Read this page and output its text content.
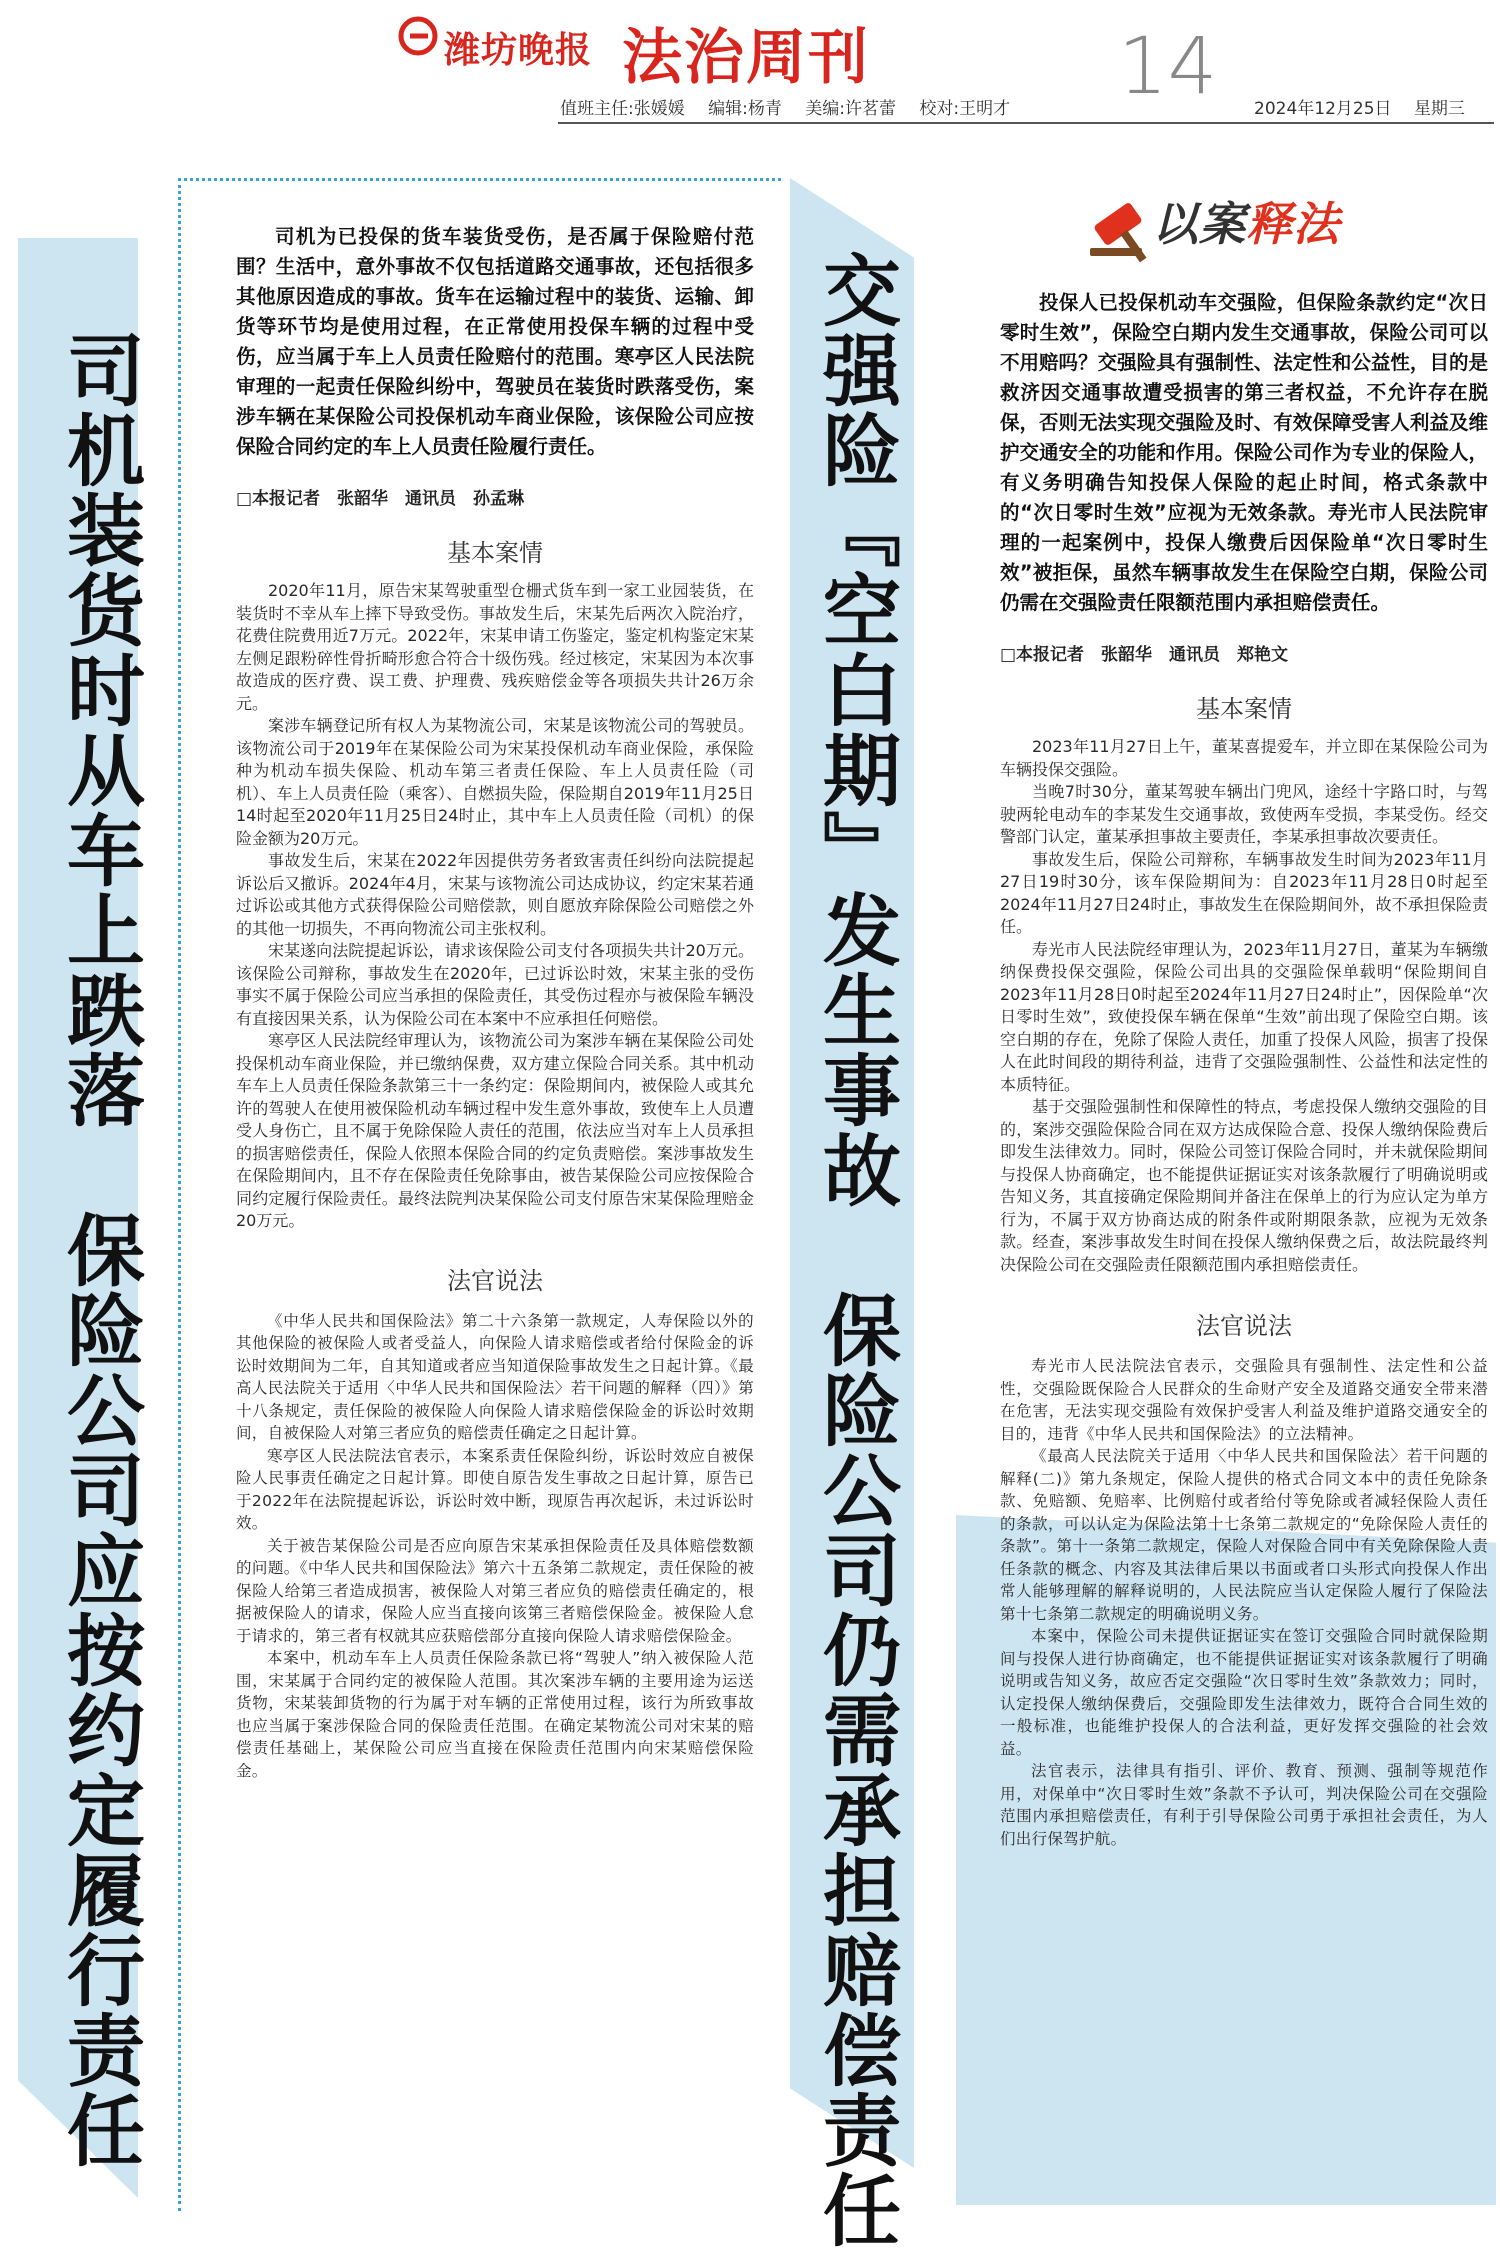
潍坊晚报 法治周刊
值班主任:张媛媛 编辑:杨青 美编:许茗蕾 校对:王明才 14 2024年12月25日　 星期三
司机装货时从车上跌落　保险公司应按约定履行责任

司机为已投保的货车装货受伤，是否属于保险赔付范围？生活中，意外事故不仅包括道路交通事故，还包括很多其他原因造成的事故。货车在运输过程中的装货、运输、卸货等环节均是使用过程，在正常使用投保车辆的过程中受伤，应当属于车上人员责任险赔付的范围。寒亭区人民法院审理的一起责任保险纠纷中，驾驶员在装货时跌落受伤，案涉车辆在某保险公司投保机动车商业保险，该保险公司应按保险合同约定的车上人员责任险履行责任。

□本报记者　张韶华　通讯员　孙孟琳
基本案情

2020年11月，原告宋某驾驶重型仓栅式货车到一家工业园装货，在装货时不幸从车上摔下导致受伤。事故发生后，宋某先后两次入院治疗，花费住院费用近7万元。2022年，宋某申请工伤鉴定，鉴定机构鉴定宋某左侧足跟粉碎性骨折畸形愈合符合十级伤残。经过核定，宋某因为本次事故造成的医疗费、误工费、护理费、残疾赔偿金等各项损失共计26万余元。

案涉车辆登记所有权人为某物流公司，宋某是该物流公司的驾驶员。该物流公司于2019年在某保险公司为宋某投保机动车商业保险，承保险种为机动车损失保险、机动车第三者责任保险、车上人员责任险（司机）、车上人员责任险（乘客）、自燃损失险，保险期自2019年11月25日14时起至2020年11月25日24时止，其中车上人员责任险（司机）的保险金额为20万元。

事故发生后，宋某在2022年因提供劳务者致害责任纠纷向法院提起诉讼后又撤诉。2024年4月，宋某与该物流公司达成协议，约定宋某若通过诉讼或其他方式获得保险公司赔偿款，则自愿放弃除保险公司赔偿之外的其他一切损失，不再向物流公司主张权利。

宋某遂向法院提起诉讼，请求该保险公司支付各项损失共计20万元。该保险公司辩称，事故发生在2020年，已过诉讼时效，宋某主张的受伤事实不属于保险公司应当承担的保险责任，其受伤过程亦与被保险车辆没有直接因果关系，认为保险公司在本案中不应承担任何赔偿。

寒亭区人民法院经审理认为，该物流公司为案涉车辆在某保险公司处投保机动车商业保险，并已缴纳保费，双方建立保险合同关系。其中机动车车上人员责任保险条款第三十一条约定：保险期间内，被保险人或其允许的驾驶人在使用被保险机动车辆过程中发生意外事故，致使车上人员遭受人身伤亡，且不属于免除保险人责任的范围，依法应当对车上人员承担的损害赔偿责任，保险人依照本保险合同的约定负责赔偿。案涉事故发生在保险期间内，且不存在保险责任免除事由，被告某保险公司应按保险合同约定履行保险责任。最终法院判决某保险公司支付原告宋某保险理赔金20万元。

法官说法

《中华人民共和国保险法》第二十六条第一款规定，人寿保险以外的其他保险的被保险人或者受益人，向保险人请求赔偿或者给付保险金的诉讼时效期间为二年，自其知道或者应当知道保险事故发生之日起计算。《最高人民法院关于适用〈中华人民共和国保险法〉若干问题的解释（四）》第十八条规定，责任保险的被保险人向保险人请求赔偿保险金的诉讼时效期间，自被保险人对第三者应负的赔偿责任确定之日起计算。

寒亭区人民法院法官表示，本案系责任保险纠纷，诉讼时效应自被保险人民事责任确定之日起计算。即使自原告发生事故之日起计算，原告已于2022年在法院提起诉讼，诉讼时效中断，现原告再次起诉，未过诉讼时效。

关于被告某保险公司是否应向原告宋某承担保险责任及具体赔偿数额的问题。《中华人民共和国保险法》第六十五条第二款规定，责任保险的被保险人给第三者造成损害，被保险人对第三者应负的赔偿责任确定的，根据被保险人的请求，保险人应当直接向该第三者赔偿保险金。被保险人怠于请求的，第三者有权就其应获赔偿部分直接向保险人请求赔偿保险金。

本案中，机动车车上人员责任保险条款已将“驾驶人”纳入被保险人范围，宋某属于合同约定的被保险人范围。其次案涉车辆的主要用途为运送货物，宋某装卸货物的行为属于对车辆的正常使用过程，该行为所致事故也应当属于案涉保险合同的保险责任范围。在确定某物流公司对宋某的赔偿责任基础上，某保险公司应当直接在保险责任范围内向宋某赔偿保险金。	交强险『空白期』发生事故　保险公司仍需承担赔偿责任
以案释法

投保人已投保机动车交强险，但保险条款约定“次日零时生效”，保险空白期内发生交通事故，保险公司可以不用赔吗？交强险具有强制性、法定性和公益性，目的是救济因交通事故遭受损害的第三者权益，不允许存在脱保，否则无法实现交强险及时、有效保障受害人利益及维护交通安全的功能和作用。保险公司作为专业的保险人，有义务明确告知投保人保险的起止时间，格式条款中的“次日零时生效”应视为无效条款。寿光市人民法院审理的一起案例中，投保人缴费后因保险单“次日零时生效”被拒保，虽然车辆事故发生在保险空白期，保险公司仍需在交强险责任限额范围内承担赔偿责任。

□本报记者　张韶华　通讯员　郑艳文
基本案情

2023年11月27日上午，董某喜提爱车，并立即在某保险公司为车辆投保交强险。

当晚7时30分，董某驾驶车辆出门兜风，途经十字路口时，与驾驶两轮电动车的李某发生交通事故，致使两车受损，李某受伤。经交警部门认定，董某承担事故主要责任，李某承担事故次要责任。

事故发生后，保险公司辩称，车辆事故发生时间为2023年11月27日19时30分，该车保险期间为：自2023年11月28日0时起至2024年11月27日24时止，事故发生在保险期间外，故不承担保险责任。

寿光市人民法院经审理认为，2023年11月27日，董某为车辆缴纳保费投保交强险，保险公司出具的交强险保单载明“保险期间自2023年11月28日0时起至2024年11月27日24时止”，因保险单“次日零时生效”，致使投保车辆在保单“生效”前出现了保险空白期。该空白期的存在，免除了保险人责任，加重了投保人风险，损害了投保人在此时间段的期待利益，违背了交强险强制性、公益性和法定性的本质特征。

基于交强险强制性和保障性的特点，考虑投保人缴纳交强险的目的，案涉交强险保险合同在双方达成保险合意、投保人缴纳保险费后即发生法律效力。同时，保险公司签订保险合同时，并未就保险期间与投保人协商确定，也不能提供证据证实对该条款履行了明确说明或告知义务，其直接确定保险期间并备注在保单上的行为应认定为单方行为，不属于双方协商达成的附条件或附期限条款，应视为无效条款。经查，案涉事故发生时间在投保人缴纳保费之后，故法院最终判决保险公司在交强险责任限额范围内承担赔偿责任。

法官说法

寿光市人民法院法官表示，交强险具有强制性、法定性和公益性，交强险既保险合人民群众的生命财产安全及道路交通安全带来潜在危害，无法实现交强险有效保护受害人利益及维护道路交通安全的目的，违背《中华人民共和国保险法》的立法精神。

《最高人民法院关于适用〈中华人民共和国保险法〉若干问题的解释(二)》第九条规定，保险人提供的格式合同文本中的责任免除条款、免赔额、免赔率、比例赔付或者给付等免除或者减轻保险人责任的条款，可以认定为保险法第十七条第二款规定的“免除保险人责任的条款”。第十一条第二款规定，保险人对保险合同中有关免除保险人责任条款的概念、内容及其法律后果以书面或者口头形式向投保人作出常人能够理解的解释说明的，人民法院应当认定保险人履行了保险法第十七条第二款规定的明确说明义务。

本案中，保险公司未提供证据证实在签订交强险合同时就保险期间与投保人进行协商确定，也不能提供证据证实对该条款履行了明确说明或告知义务，故应否定交强险“次日零时生效”条款效力；同时，认定投保人缴纳保费后，交强险即发生法律效力，既符合合同生效的一般标准，也能维护投保人的合法利益，更好发挥交强险的社会效益。

法官表示，法律具有指引、评价、教育、预测、强制等规范作用，对保单中“次日零时生效”条款不予认可，判决保险公司在交强险范围内承担赔偿责任，有利于引导保险公司勇于承担社会责任，为人们出行保驾护航。
